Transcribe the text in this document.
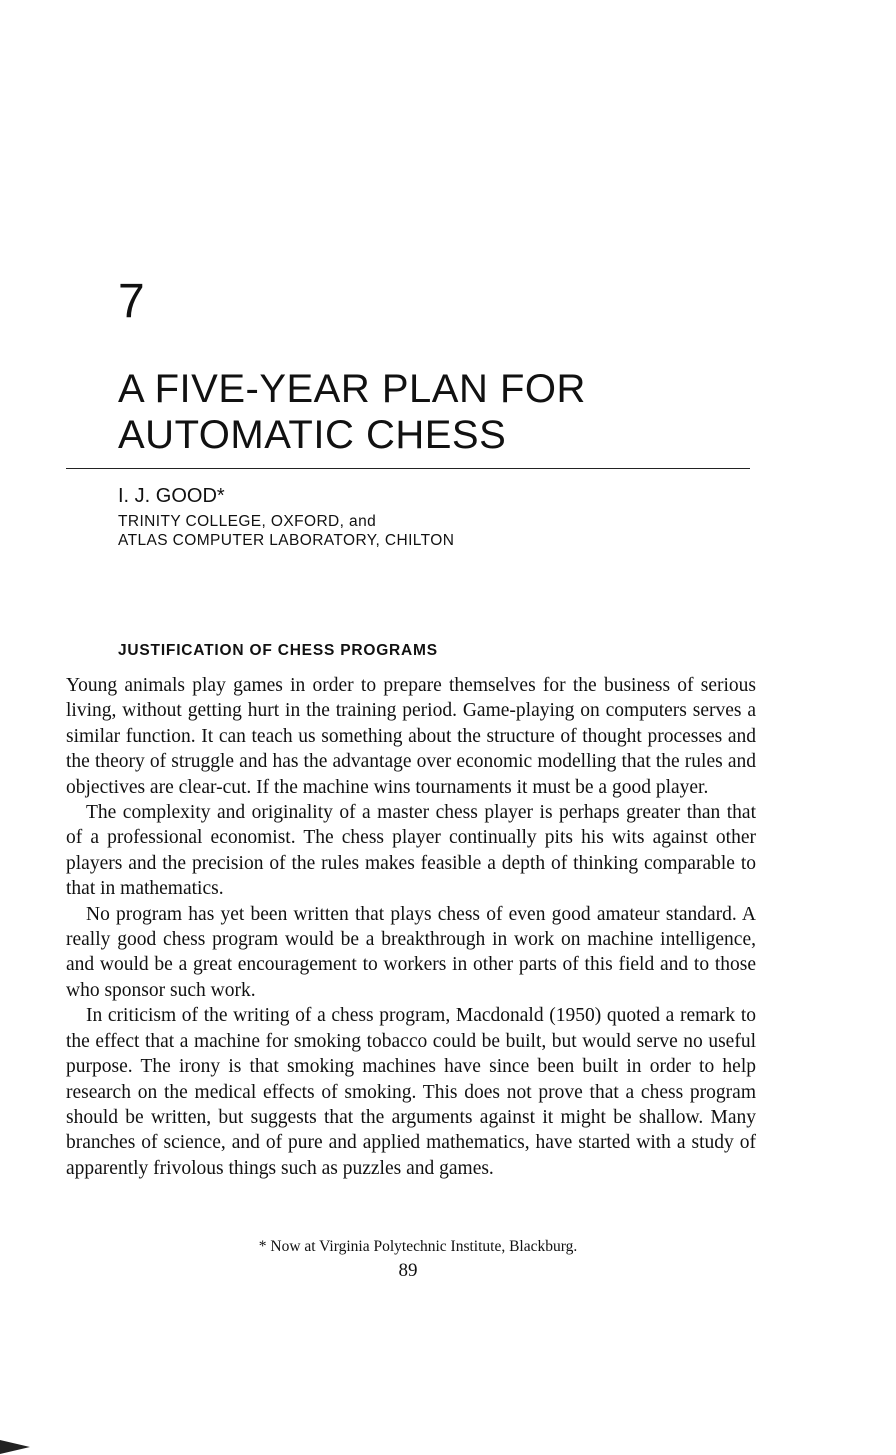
7
A FIVE-YEAR PLAN FOR
AUTOMATIC CHESS
I. J. GOOD*
TRINITY COLLEGE, OXFORD, and
ATLAS COMPUTER LABORATORY, CHILTON
JUSTIFICATION OF CHESS PROGRAMS

Young animals play games in order to prepare themselves for the business of serious living, without getting hurt in the training period. Game-playing on computers serves a similar function. It can teach us something about the structure of thought processes and the theory of struggle and has the advantage over economic modelling that the rules and objectives are clear-cut. If the machine wins tournaments it must be a good player.

The complexity and originality of a master chess player is perhaps greater than that of a professional economist. The chess player continually pits his wits against other players and the precision of the rules makes feasible a depth of thinking comparable to that in mathematics.

No program has yet been written that plays chess of even good amateur standard. A really good chess program would be a breakthrough in work on machine intelligence, and would be a great encouragement to workers in other parts of this field and to those who sponsor such work.

In criticism of the writing of a chess program, Macdonald (1950) quoted a remark to the effect that a machine for smoking tobacco could be built, but would serve no useful purpose. The irony is that smoking machines have since been built in order to help research on the medical effects of smoking. This does not prove that a chess program should be written, but suggests that the arguments against it might be shallow. Many branches of science, and of pure and applied mathematics, have started with a study of apparently frivolous things such as puzzles and games.

* Now at Virginia Polytechnic Institute, Blackburg.
89
